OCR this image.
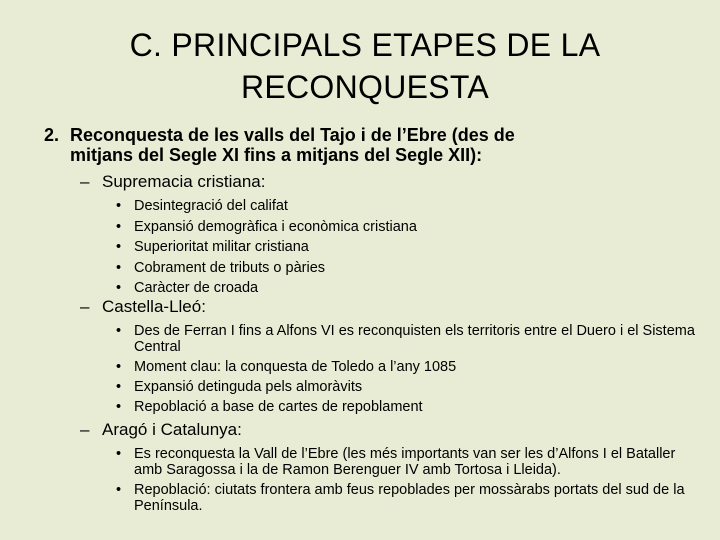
C. PRINCIPALS ETAPES DE LA RECONQUESTA
2. Reconquesta de les valls del Tajo i de l’Ebre (des de
mitjans del Segle XI fins a mitjans del Segle XII):

– Supremacia cristiana:

• Desintegració del califat
• Expansió demogràfica i econòmica cristiana
• Superioritat militar cristiana
• Cobrament de tributs o pàries
• Caràcter de croada

– Castella-Lleó:

• Des de Ferran I fins a Alfons VI es reconquisten els territoris entre el Duero i el Sistema Central
• Moment clau: la conquesta de Toledo a l’any 1085
• Expansió detinguda pels almoràvits
• Repoblació a base de cartes de repoblament

– Aragó i Catalunya:

• Es reconquesta la Vall de l’Ebre (les més importants van ser les d’Alfons I el Bataller amb Saragossa i la de Ramon Berenguer IV amb Tortosa i Lleida).
• Repoblació: ciutats frontera amb feus repoblades per mossàrabs portats del sud de la Península.
